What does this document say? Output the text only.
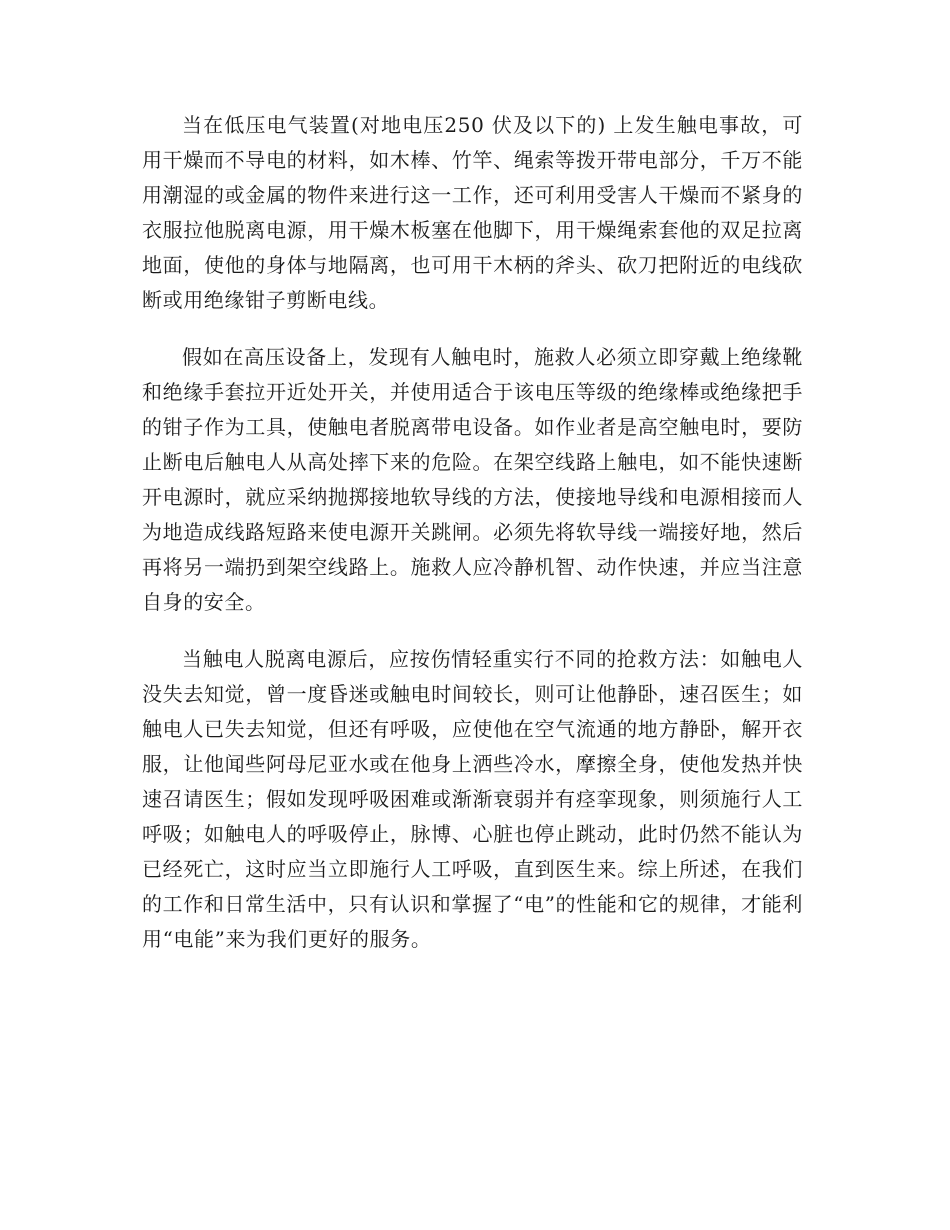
当在低压电气装置(对地电压250 伏及以下的) 上发生触电事故，可用干燥而不导电的材料，如木棒、竹竿、绳索等拨开带电部分，千万不能用潮湿的或金属的物件来进行这一工作，还可利用受害人干燥而不紧身的衣服拉他脱离电源，用干燥木板塞在他脚下，用干燥绳索套他的双足拉离地面，使他的身体与地隔离，也可用干木柄的斧头、砍刀把附近的电线砍断或用绝缘钳子剪断电线。

假如在高压设备上，发现有人触电时，施救人必须立即穿戴上绝缘靴和绝缘手套拉开近处开关，并使用适合于该电压等级的绝缘棒或绝缘把手的钳子作为工具，使触电者脱离带电设备。如作业者是高空触电时，要防止断电后触电人从高处摔下来的危险。在架空线路上触电，如不能快速断开电源时，就应采纳抛掷接地软导线的方法，使接地导线和电源相接而人为地造成线路短路来使电源开关跳闸。必须先将软导线一端接好地，然后再将另一端扔到架空线路上。施救人应冷静机智、动作快速，并应当注意自身的安全。

当触电人脱离电源后，应按伤情轻重实行不同的抢救方法：如触电人没失去知觉，曾一度昏迷或触电时间较长，则可让他静卧，速召医生；如触电人已失去知觉，但还有呼吸，应使他在空气流通的地方静卧，解开衣服，让他闻些阿母尼亚水或在他身上洒些冷水，摩擦全身，使他发热并快速召请医生；假如发现呼吸困难或渐渐衰弱并有痉挛现象，则须施行人工呼吸；如触电人的呼吸停止，脉博、心脏也停止跳动，此时仍然不能认为已经死亡，这时应当立即施行人工呼吸，直到医生来。综上所述，在我们的工作和日常生活中，只有认识和掌握了“电”的性能和它的规律，才能利用“电能”来为我们更好的服务。
